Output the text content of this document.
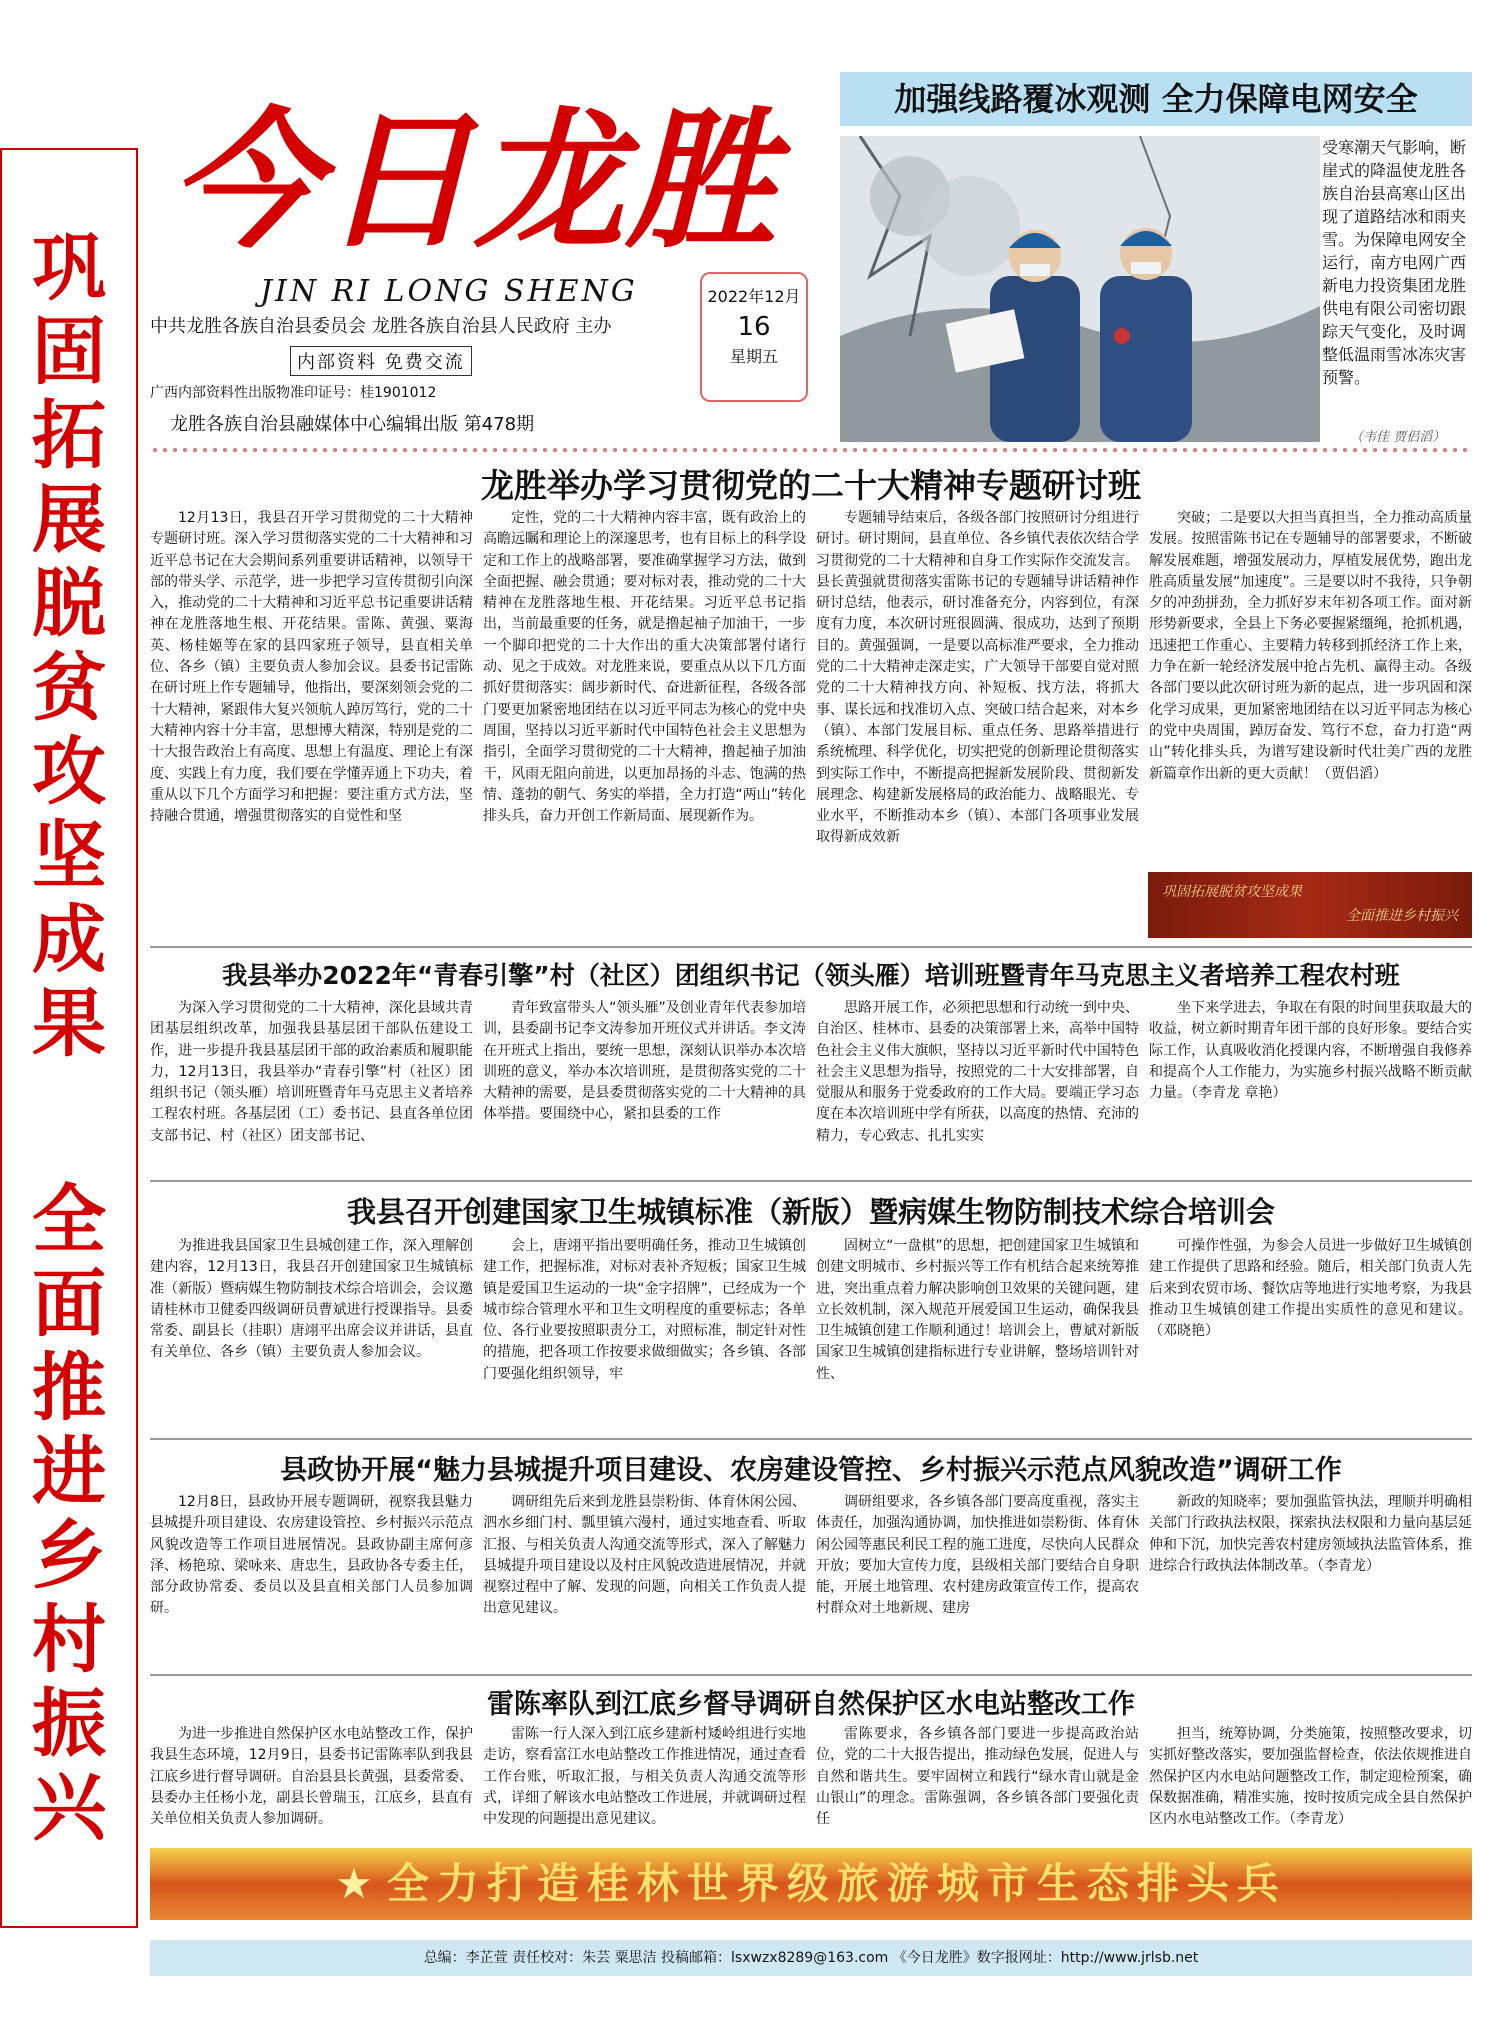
巩
固
拓
展
脱
贫
攻
坚
成
果
全
面
推
进
乡
村
振
兴
今日龙胜
JIN RI LONG SHENG
中共龙胜各族自治县委员会 龙胜各族自治县人民政府 主办
内部资料 免费交流
广西内部资料性出版物准印证号：桂1901012
龙胜各族自治县融媒体中心编辑出版 第478期
2022年12月
16
星期五
加强线路覆冰观测 全力保障电网安全
受寒潮天气影响，断崖式的降温使龙胜各族自治县高寒山区出现了道路结冰和雨夹雪。为保障电网安全运行，南方电网广西新电力投资集团龙胜供电有限公司密切跟踪天气变化，及时调整低温雨雪冰冻灾害预警。
（韦佳 贾侣滔）
龙胜举办学习贯彻党的二十大精神专题研讨班

12月13日，我县召开学习贯彻党的二十大精神专题研讨班。深入学习贯彻落实党的二十大精神和习近平总书记在大会期间系列重要讲话精神，以领导干部的带头学、示范学，进一步把学习宣传贯彻引向深入，推动党的二十大精神和习近平总书记重要讲话精神在龙胜落地生根、开花结果。雷陈、黄强、粟海英、杨桂姬等在家的县四家班子领导，县直相关单位、各乡（镇）主要负责人参加会议。县委书记雷陈在研讨班上作专题辅导，他指出，要深刻领会党的二十大精神，紧跟伟大复兴领航人踔厉笃行，党的二十大精神内容十分丰富，思想博大精深，特别是党的二十大报告政治上有高度、思想上有温度、理论上有深度、实践上有力度，我们要在学懂弄通上下功夫，着重从以下几个方面学习和把握：要注重方式方法，坚持融合贯通，增强贯彻落实的自觉性和坚

定性，党的二十大精神内容丰富，既有政治上的高瞻远瞩和理论上的深邃思考，也有目标上的科学设定和工作上的战略部署，要准确掌握学习方法，做到全面把握、融会贯通；要对标对表，推动党的二十大精神在龙胜落地生根、开花结果。习近平总书记指出，当前最重要的任务，就是撸起袖子加油干，一步一个脚印把党的二十大作出的重大决策部署付诸行动、见之于成效。对龙胜来说，要重点从以下几方面抓好贯彻落实：阔步新时代、奋进新征程，各级各部门要更加紧密地团结在以习近平同志为核心的党中央周围，坚持以习近平新时代中国特色社会主义思想为指引，全面学习贯彻党的二十大精神，撸起袖子加油干，风雨无阻向前进，以更加昂扬的斗志、饱满的热情、蓬勃的朝气、务实的举措，全力打造“两山”转化排头兵，奋力开创工作新局面、展现新作为。

专题辅导结束后，各级各部门按照研讨分组进行研讨。研讨期间，县直单位、各乡镇代表依次结合学习贯彻党的二十大精神和自身工作实际作交流发言。县长黄强就贯彻落实雷陈书记的专题辅导讲话精神作研讨总结，他表示，研讨准备充分，内容到位，有深度有力度，本次研讨班很圆满、很成功，达到了预期目的。黄强强调，一是要以高标准严要求，全力推动党的二十大精神走深走实，广大领导干部要自觉对照党的二十大精神找方向、补短板、找方法，将抓大事、谋长远和找准切入点、突破口结合起来，对本乡（镇）、本部门发展目标、重点任务、思路举措进行系统梳理、科学优化，切实把党的创新理论贯彻落实到实际工作中，不断提高把握新发展阶段、贯彻新发展理念、构建新发展格局的政治能力、战略眼光、专业水平，不断推动本乡（镇）、本部门各项事业发展取得新成效新

突破；二是要以大担当真担当，全力推动高质量发展。按照雷陈书记在专题辅导的部署要求，不断破解发展难题，增强发展动力，厚植发展优势，跑出龙胜高质量发展“加速度”。三是要以时不我待，只争朝夕的冲劲拼劲，全力抓好岁末年初各项工作。面对新形势新要求，全县上下务必要握紧缰绳，抢抓机遇，迅速把工作重心、主要精力转移到抓经济工作上来，力争在新一轮经济发展中抢占先机、赢得主动。各级各部门要以此次研讨班为新的起点，进一步巩固和深化学习成果，更加紧密地团结在以习近平同志为核心的党中央周围，踔厉奋发、笃行不怠，奋力打造“两山”转化排头兵，为谱写建设新时代壮美广西的龙胜新篇章作出新的更大贡献！（贾侣滔）

巩固拓展脱贫攻坚成果
全面推进乡村振兴
我县举办2022年“青春引擎”村（社区）团组织书记（领头雁）培训班暨青年马克思主义者培养工程农村班

为深入学习贯彻党的二十大精神，深化县域共青团基层组织改革，加强我县基层团干部队伍建设工作，进一步提升我县基层团干部的政治素质和履职能力，12月13日，我县举办“青春引擎”村（社区）团组织书记（领头雁）培训班暨青年马克思主义者培养工程农村班。各基层团（工）委书记、县直各单位团支部书记、村（社区）团支部书记、

青年致富带头人“领头雁”及创业青年代表参加培训，县委副书记李文涛参加开班仪式并讲话。李文涛在开班式上指出，要统一思想，深刻认识举办本次培训班的意义，举办本次培训班，是贯彻落实党的二十大精神的需要，是县委贯彻落实党的二十大精神的具体举措。要围绕中心，紧扣县委的工作

思路开展工作，必须把思想和行动统一到中央、自治区、桂林市、县委的决策部署上来，高举中国特色社会主义伟大旗帜，坚持以习近平新时代中国特色社会主义思想为指导，按照党的二十大安排部署，自觉服从和服务于党委政府的工作大局。要端正学习态度在本次培训班中学有所获，以高度的热情、充沛的精力，专心致志、扎扎实实

坐下来学进去，争取在有限的时间里获取最大的收益，树立新时期青年团干部的良好形象。要结合实际工作，认真吸收消化授课内容，不断增强自我修养和提高个人工作能力，为实施乡村振兴战略不断贡献力量。（李青龙 章艳）

我县召开创建国家卫生城镇标准（新版）暨病媒生物防制技术综合培训会

为推进我县国家卫生县城创建工作，深入理解创建内容，12月13日，我县召开创建国家卫生城镇标准（新版）暨病媒生物防制技术综合培训会，会议邀请桂林市卫健委四级调研员曹斌进行授课指导。县委常委、副县长（挂职）唐翊平出席会议并讲话，县直有关单位、各乡（镇）主要负责人参加会议。

会上，唐翊平指出要明确任务，推动卫生城镇创建工作，把握标准，对标对表补齐短板；国家卫生城镇是爱国卫生运动的一块“金字招牌”，已经成为一个城市综合管理水平和卫生文明程度的重要标志；各单位、各行业要按照职责分工，对照标准，制定针对性的措施，把各项工作按要求做细做实；各乡镇、各部门要强化组织领导，牢

固树立“一盘棋”的思想，把创建国家卫生城镇和创建文明城市、乡村振兴等工作有机结合起来统筹推进，突出重点着力解决影响创卫效果的关键问题，建立长效机制，深入规范开展爱国卫生运动，确保我县卫生城镇创建工作顺利通过！培训会上，曹斌对新版国家卫生城镇创建指标进行专业讲解，整场培训针对性、

可操作性强，为参会人员进一步做好卫生城镇创建工作提供了思路和经验。随后，相关部门负责人先后来到农贸市场、餐饮店等地进行实地考察，为我县推动卫生城镇创建工作提出实质性的意见和建议。（邓晓艳）

县政协开展“魅力县城提升项目建设、农房建设管控、乡村振兴示范点风貌改造”调研工作

12月8日，县政协开展专题调研，视察我县魅力县城提升项目建设、农房建设管控、乡村振兴示范点风貌改造等工作项目进展情况。县政协副主席何彦泽、杨艳琼、梁咏来、唐忠生，县政协各专委主任，部分政协常委、委员以及县直相关部门人员参加调研。

调研组先后来到龙胜县崇粉街、体育休闲公园、泗水乡细门村、瓢里镇六漫村，通过实地查看、听取汇报、与相关负责人沟通交流等形式，深入了解魅力县城提升项目建设以及村庄风貌改造进展情况，并就视察过程中了解、发现的问题，向相关工作负责人提出意见建议。

调研组要求，各乡镇各部门要高度重视，落实主体责任，加强沟通协调，加快推进如崇粉街、体育休闲公园等惠民利民工程的施工进度，尽快向人民群众开放；要加大宣传力度，县级相关部门要结合自身职能，开展土地管理、农村建房政策宣传工作，提高农村群众对土地新规、建房

新政的知晓率；要加强监管执法，理顺并明确相关部门行政执法权限，探索执法权限和力量向基层延伸和下沉，加快完善农村建房领域执法监管体系，推进综合行政执法体制改革。（李青龙）

雷陈率队到江底乡督导调研自然保护区水电站整改工作

为进一步推进自然保护区水电站整改工作，保护我县生态环境，12月9日，县委书记雷陈率队到我县江底乡进行督导调研。自治县县长黄强，县委常委、县委办主任杨小龙，副县长曾瑞玉，江底乡，县直有关单位相关负责人参加调研。

雷陈一行人深入到江底乡建新村矮岭组进行实地走访，察看富江水电站整改工作推进情况，通过查看工作台账，听取汇报，与相关负责人沟通交流等形式，详细了解该水电站整改工作进展，并就调研过程中发现的问题提出意见建议。

雷陈要求，各乡镇各部门要进一步提高政治站位，党的二十大报告提出，推动绿色发展，促进人与自然和谐共生。要牢固树立和践行“绿水青山就是金山银山”的理念。雷陈强调，各乡镇各部门要强化责任

担当，统筹协调，分类施策，按照整改要求，切实抓好整改落实，要加强监督检查，依法依规推进自然保护区内水电站问题整改工作，制定迎检预案，确保数据准确，精准实施，按时按质完成全县自然保护区内水电站整改工作。（李青龙）

★ 全力打造桂林世界级旅游城市生态排头兵
总编：李芷萱 责任校对：朱芸 粟思洁 投稿邮箱：lsxwzx8289@163.com 《今日龙胜》数字报网址：http://www.jrlsb.net
